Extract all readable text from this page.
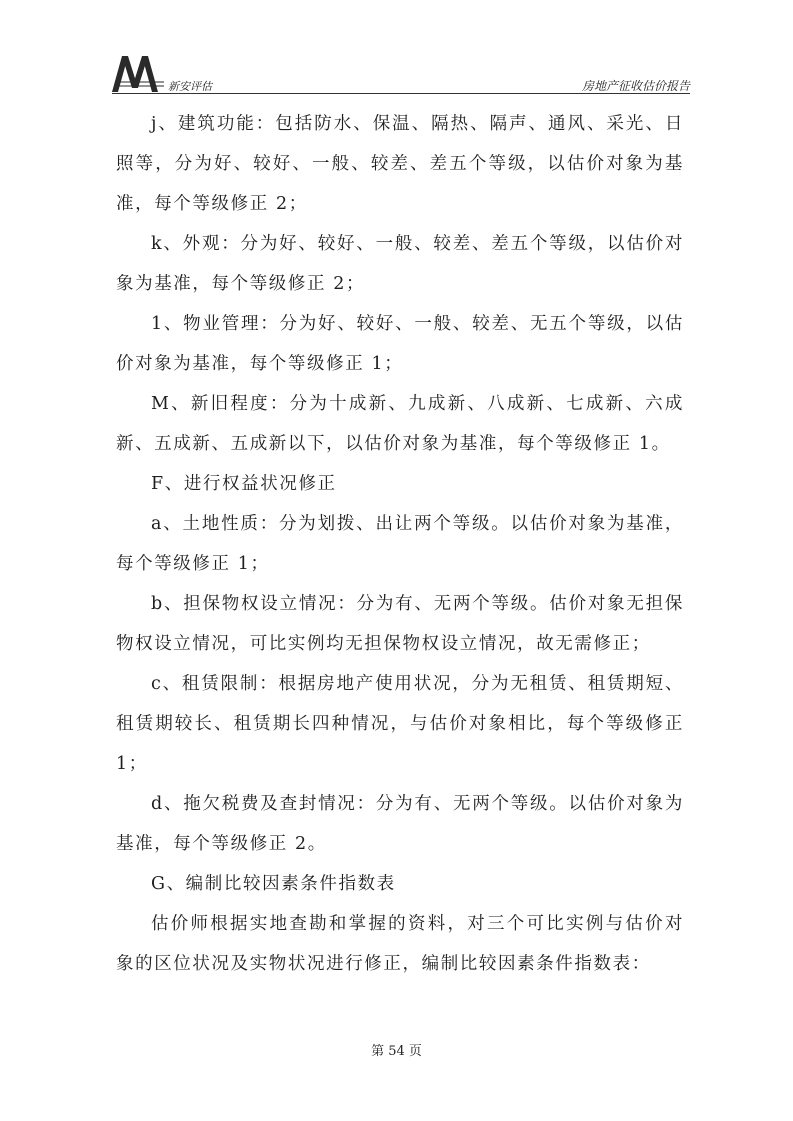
新安评估	房地产征收估价报告

j、建筑功能：包括防水、保温、隔热、隔声、通风、采光、日照等，分为好、较好、一般、较差、差五个等级，以估价对象为基准，每个等级修正 2；

k、外观：分为好、较好、一般、较差、差五个等级，以估价对象为基准，每个等级修正 2；

1、物业管理：分为好、较好、一般、较差、无五个等级，以估价对象为基准，每个等级修正 1；

M、新旧程度：分为十成新、九成新、八成新、七成新、六成新、五成新、五成新以下，以估价对象为基准，每个等级修正 1。

F、进行权益状况修正

a、土地性质：分为划拨、出让两个等级。以估价对象为基准，每个等级修正 1；

b、担保物权设立情况：分为有、无两个等级。估价对象无担保物权设立情况，可比实例均无担保物权设立情况，故无需修正；

c、租赁限制：根据房地产使用状况，分为无租赁、租赁期短、租赁期较长、租赁期长四种情况，与估价对象相比，每个等级修正 1；

d、拖欠税费及查封情况：分为有、无两个等级。以估价对象为基准，每个等级修正 2。

G、编制比较因素条件指数表

估价师根据实地查勘和掌握的资料，对三个可比实例与估价对象的区位状况及实物状况进行修正，编制比较因素条件指数表：

第 54 页
